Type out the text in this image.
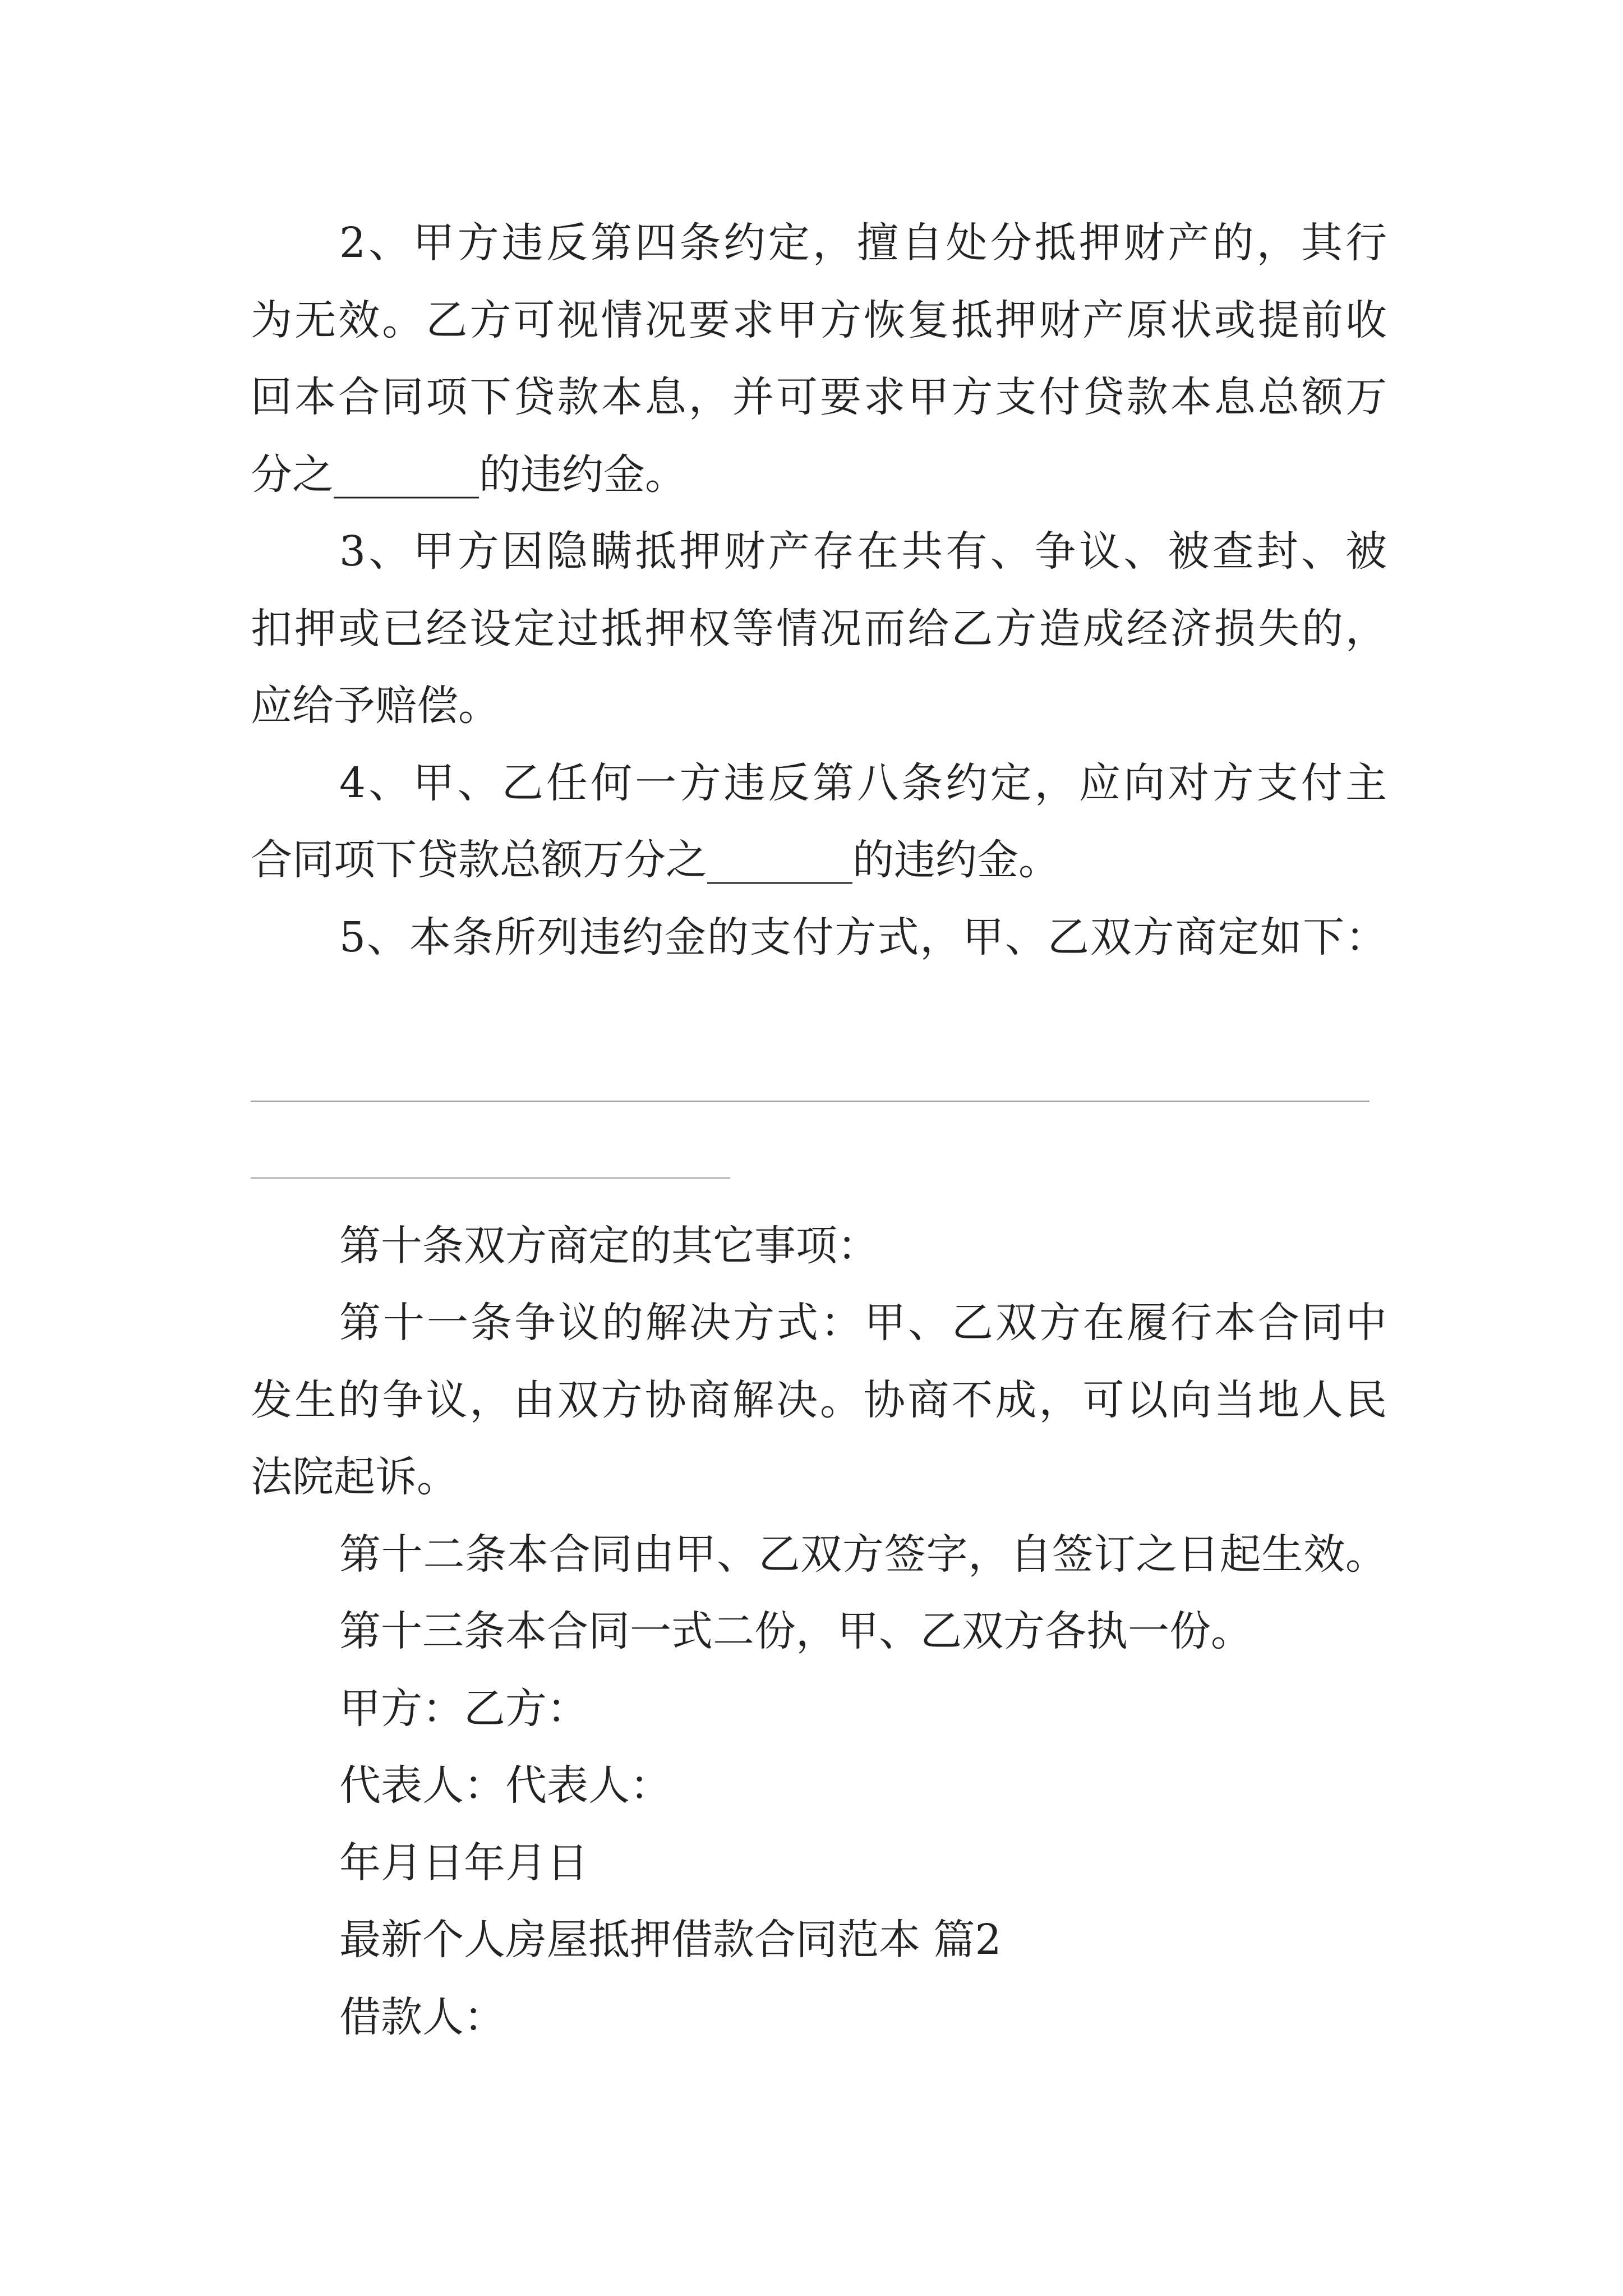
2、甲方违反第四条约定，擅自处分抵押财产的，其行
为无效。乙方可视情况要求甲方恢复抵押财产原状或提前收
回本合同项下贷款本息，并可要求甲方支付贷款本息总额万
分之_______的违约金。
3、甲方因隐瞒抵押财产存在共有、争议、被查封、被
扣押或已经设定过抵押权等情况而给乙方造成经济损失的，
应给予赔偿。
4、甲、乙任何一方违反第八条约定，应向对方支付主
合同项下贷款总额万分之_______的违约金。
5、本条所列违约金的支付方式，甲、乙双方商定如下：
第十条双方商定的其它事项：
第十一条争议的解决方式：甲、乙双方在履行本合同中
发生的争议，由双方协商解决。协商不成，可以向当地人民
法院起诉。
第十二条本合同由甲、乙双方签字，自签订之日起生效。
第十三条本合同一式二份，甲、乙双方各执一份。
甲方：乙方：
代表人：代表人：
年月日年月日
最新个人房屋抵押借款合同范本 篇2
借款人：
